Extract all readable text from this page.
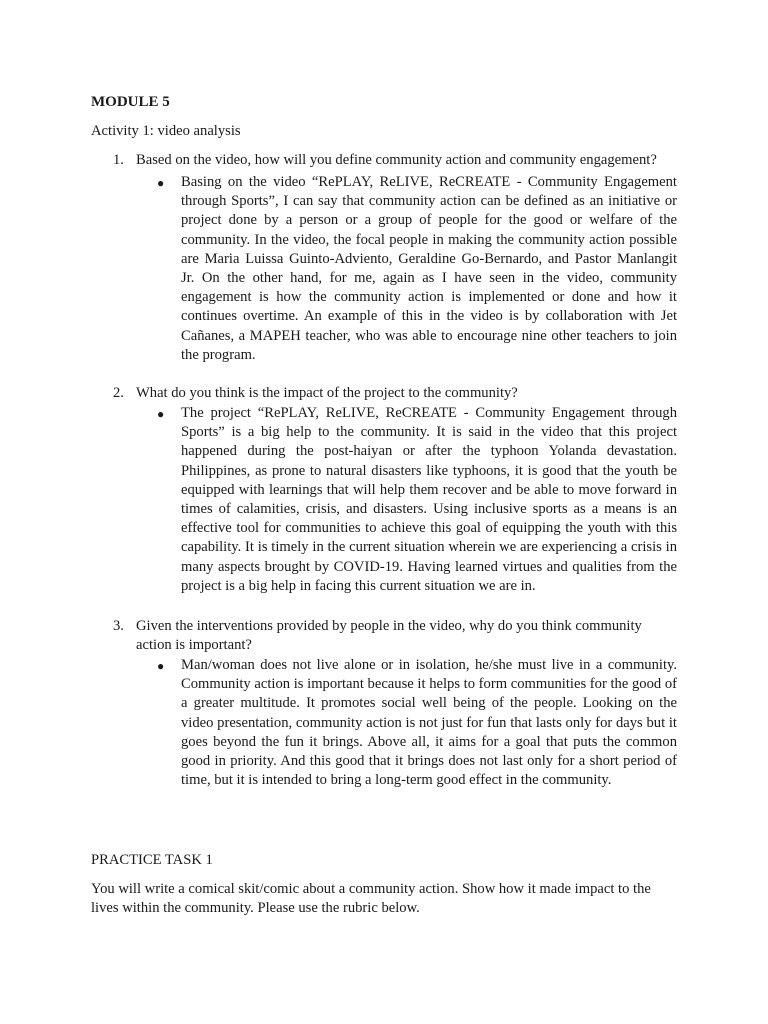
MODULE 5
Activity 1: video analysis
1. Based on the video, how will you define community action and community engagement?
● Basing on the video “RePLAY, ReLIVE, ReCREATE - Community Engagement through Sports”, I can say that community action can be defined as an initiative or project done by a person or a group of people for the good or welfare of the community. In the video, the focal people in making the community action possible are Maria Luissa Guinto-Adviento, Geraldine Go-Bernardo, and Pastor Manlangit Jr. On the other hand, for me, again as I have seen in the video, community engagement is how the community action is implemented or done and how it continues overtime. An example of this in the video is by collaboration with Jet Cañanes, a MAPEH teacher, who was able to encourage nine other teachers to join the program.
2. What do you think is the impact of the project to the community?
● The project “RePLAY, ReLIVE, ReCREATE - Community Engagement through Sports” is a big help to the community. It is said in the video that this project happened during the post-haiyan or after the typhoon Yolanda devastation. Philippines, as prone to natural disasters like typhoons, it is good that the youth be equipped with learnings that will help them recover and be able to move forward in times of calamities, crisis, and disasters. Using inclusive sports as a means is an effective tool for communities to achieve this goal of equipping the youth with this capability. It is timely in the current situation wherein we are experiencing a crisis in many aspects brought by COVID-19. Having learned virtues and qualities from the project is a big help in facing this current situation we are in.
3. Given the interventions provided by people in the video, why do you think community action is important?
● Man/woman does not live alone or in isolation, he/she must live in a community. Community action is important because it helps to form communities for the good of a greater multitude. It promotes social well being of the people. Looking on the video presentation, community action is not just for fun that lasts only for days but it goes beyond the fun it brings. Above all, it aims for a goal that puts the common good in priority. And this good that it brings does not last only for a short period of time, but it is intended to bring a long-term good effect in the community.
PRACTICE TASK 1
You will write a comical skit/comic about a community action. Show how it made impact to the lives within the community. Please use the rubric below.
